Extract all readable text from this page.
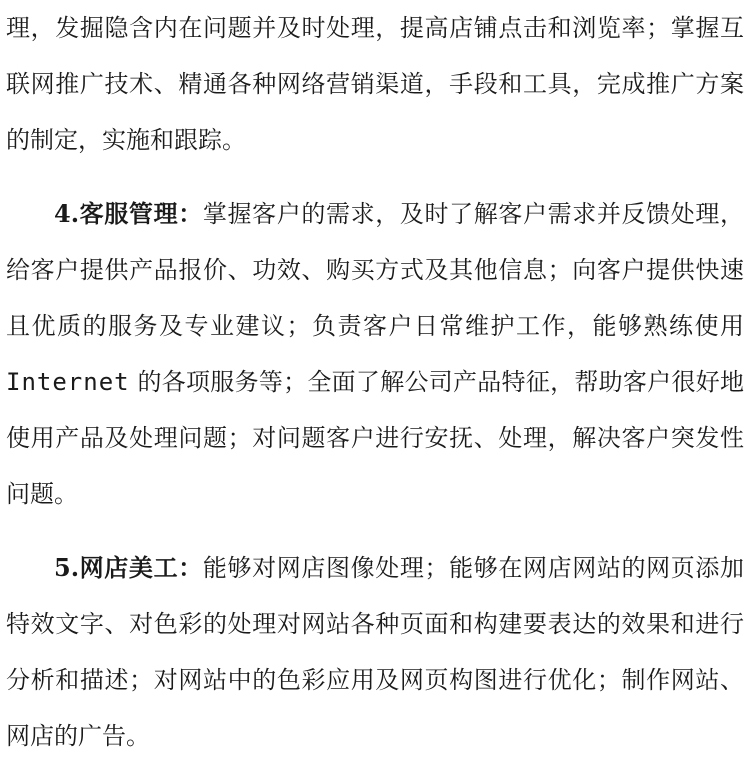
理，发掘隐含内在问题并及时处理，提高店铺点击和浏览率；掌握互
联网推广技术、精通各种网络营销渠道，手段和工具，完成推广方案
的制定，实施和跟踪。
4.客服管理：掌握客户的需求，及时了解客户需求并反馈处理，
给客户提供产品报价、功效、购买方式及其他信息；向客户提供快速
且优质的服务及专业建议；负责客户日常维护工作，能够熟练使用
Internet 的各项服务等；全面了解公司产品特征，帮助客户很好地
使用产品及处理问题；对问题客户进行安抚、处理，解决客户突发性
问题。
5.网店美工：能够对网店图像处理；能够在网店网站的网页添加
特效文字、对色彩的处理对网站各种页面和构建要表达的效果和进行
分析和描述；对网站中的色彩应用及网页构图进行优化；制作网站、
网店的广告。
